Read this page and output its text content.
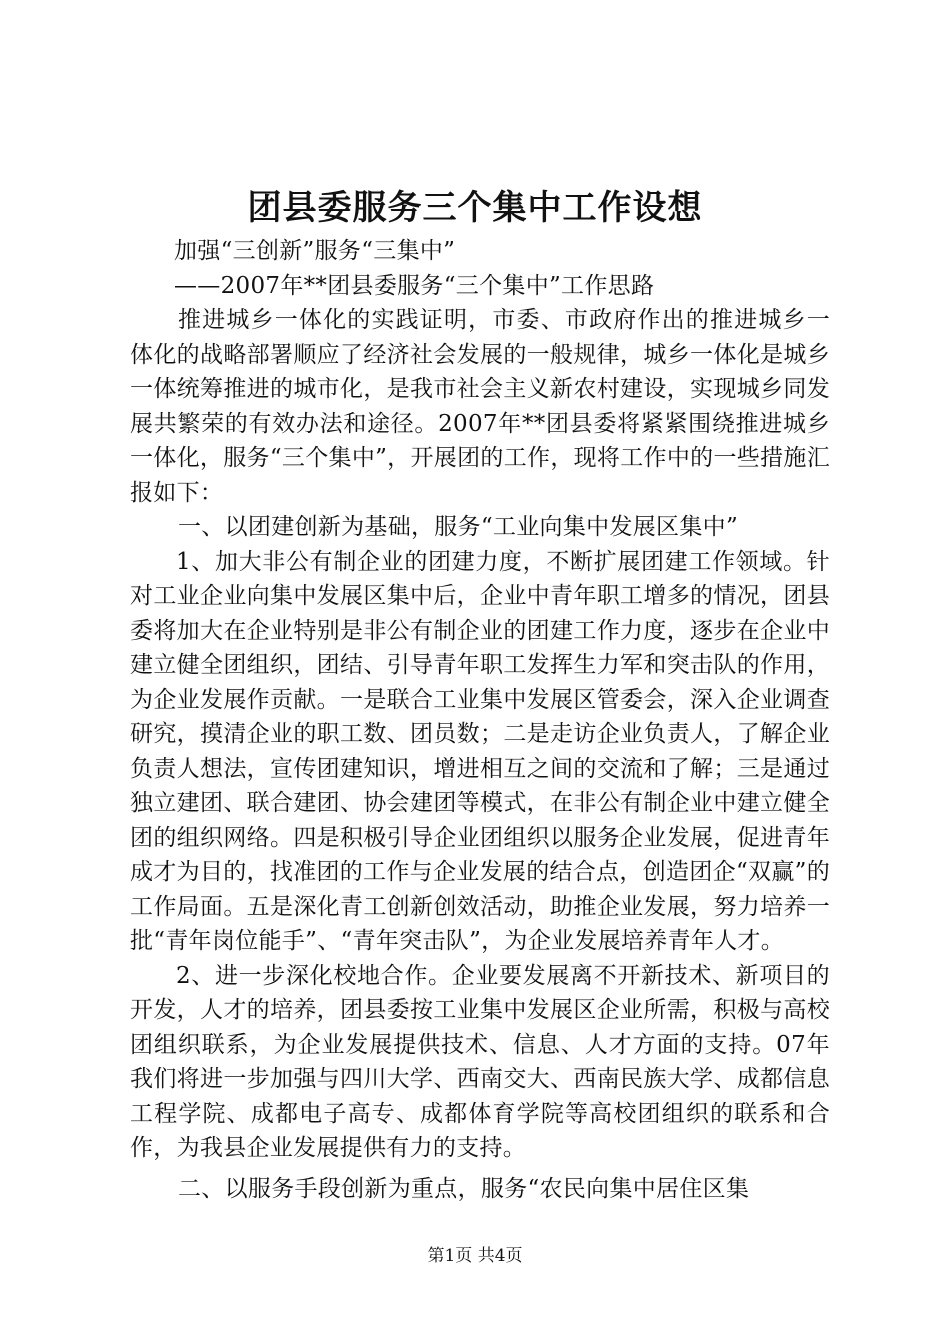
团县委服务三个集中工作设想

加强“三创新”服务“三集中”

——2007年**团县委服务“三个集中”工作思路

推进城乡一体化的实践证明，市委、市政府作出的推进城乡一体化的战略部署顺应了经济社会发展的一般规律，城乡一体化是城乡一体统筹推进的城市化，是我市社会主义新农村建设，实现城乡同发展共繁荣的有效办法和途径。2007年**团县委将紧紧围绕推进城乡一体化，服务“三个集中”，开展团的工作，现将工作中的一些措施汇报如下：

一、以团建创新为基础，服务“工业向集中发展区集中”

1、加大非公有制企业的团建力度，不断扩展团建工作领域。针对工业企业向集中发展区集中后，企业中青年职工增多的情况，团县委将加大在企业特别是非公有制企业的团建工作力度，逐步在企业中建立健全团组织，团结、引导青年职工发挥生力军和突击队的作用，为企业发展作贡献。一是联合工业集中发展区管委会，深入企业调查研究，摸清企业的职工数、团员数；二是走访企业负责人，了解企业负责人想法，宣传团建知识，增进相互之间的交流和了解；三是通过独立建团、联合建团、协会建团等模式，在非公有制企业中建立健全团的组织网络。四是积极引导企业团组织以服务企业发展，促进青年成才为目的，找准团的工作与企业发展的结合点，创造团企“双赢”的工作局面。五是深化青工创新创效活动，助推企业发展，努力培养一批“青年岗位能手”、“青年突击队”，为企业发展培养青年人才。

2、进一步深化校地合作。企业要发展离不开新技术、新项目的开发，人才的培养，团县委按工业集中发展区企业所需，积极与高校团组织联系，为企业发展提供技术、信息、人才方面的支持。07年我们将进一步加强与四川大学、西南交大、西南民族大学、成都信息工程学院、成都电子高专、成都体育学院等高校团组织的联系和合作，为我县企业发展提供有力的支持。

二、以服务手段创新为重点，服务“农民向集中居住区集

第1页 共4页
